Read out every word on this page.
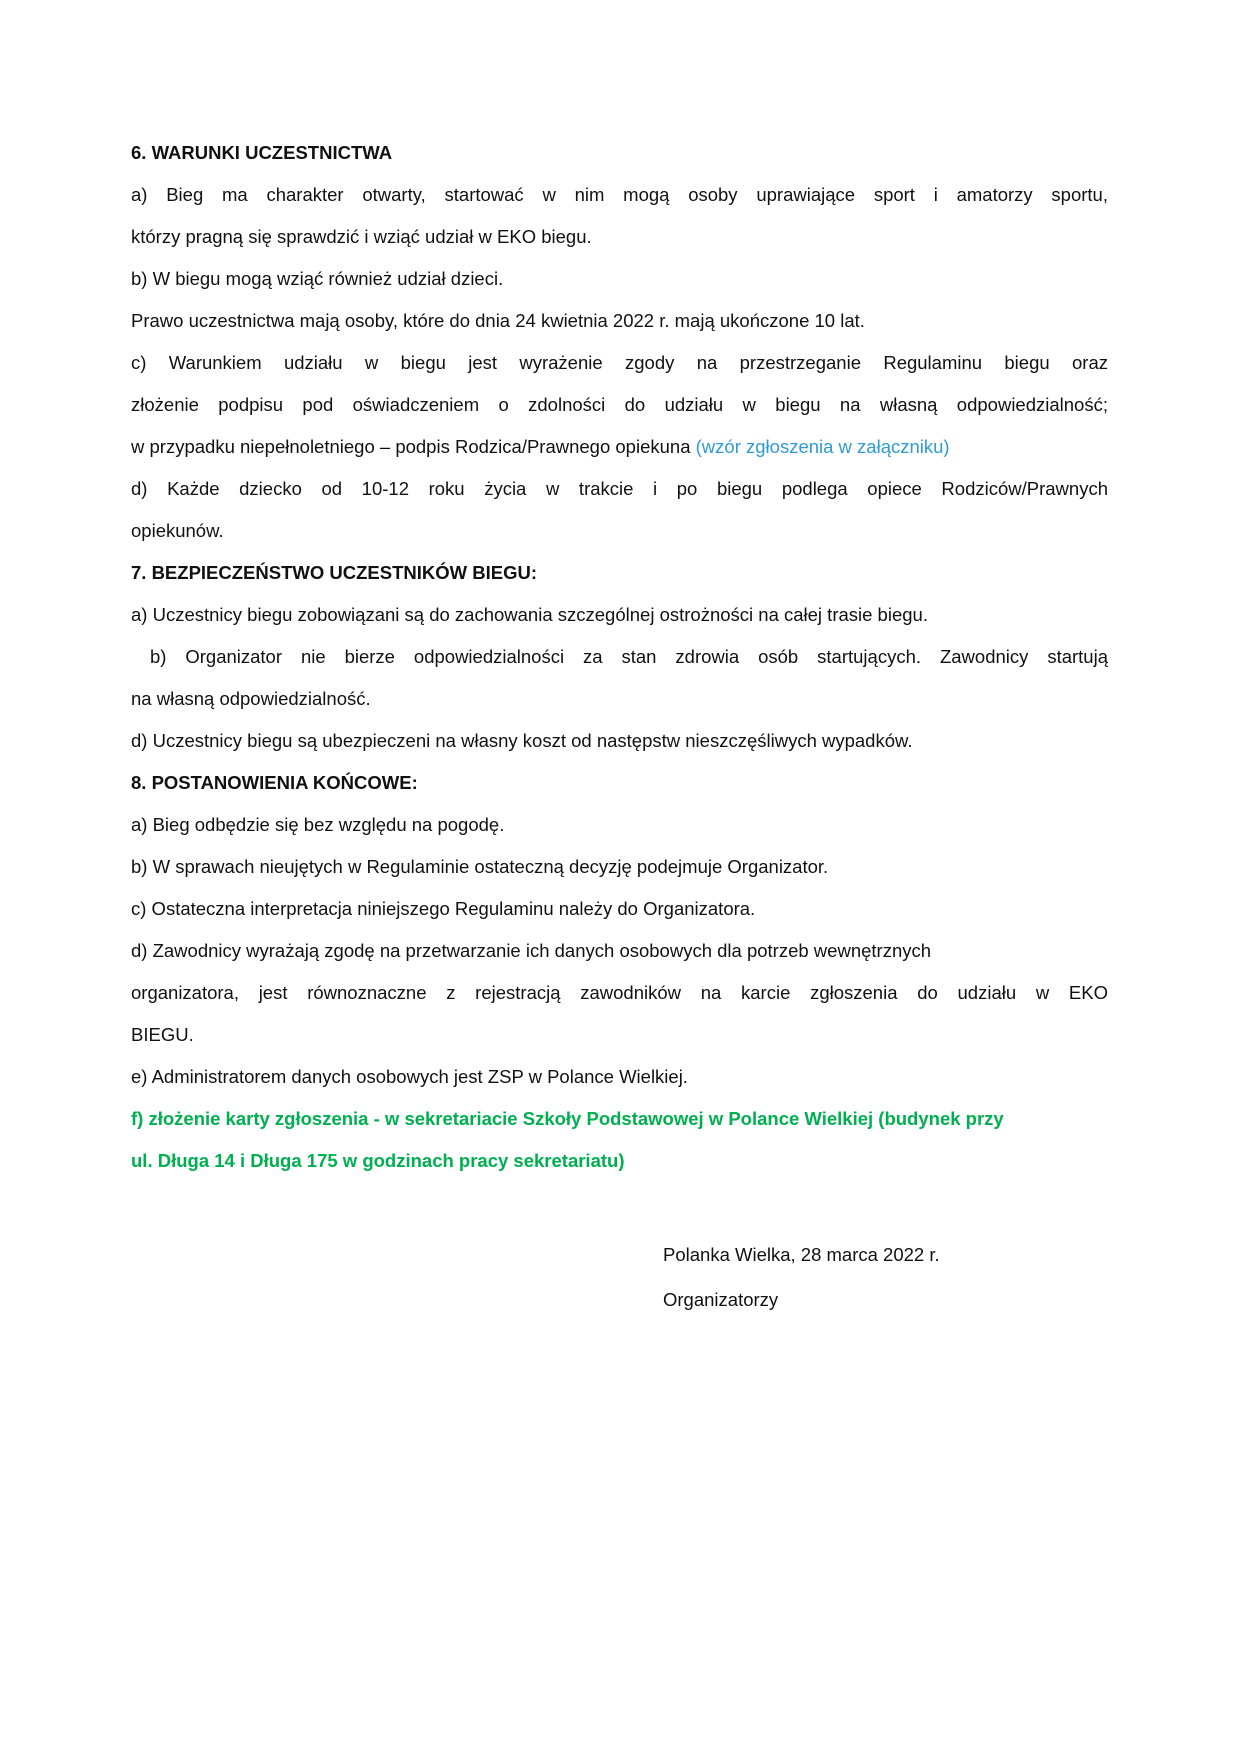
6. WARUNKI UCZESTNICTWA
a) Bieg ma charakter otwarty, startować w nim mogą osoby uprawiające sport i amatorzy sportu,
którzy pragną się sprawdzić i wziąć udział w EKO biegu.
b) W biegu mogą wziąć również udział dzieci.
Prawo uczestnictwa mają osoby, które do dnia 24 kwietnia 2022 r. mają ukończone 10 lat.
c) Warunkiem udziału w biegu jest wyrażenie zgody na przestrzeganie Regulaminu biegu oraz
złożenie podpisu pod oświadczeniem o zdolności do udziału w biegu na własną odpowiedzialność;
w przypadku niepełnoletniego – podpis Rodzica/Prawnego opiekuna (wzór zgłoszenia w załączniku)
d) Każde dziecko od 10-12 roku życia w trakcie i po biegu podlega opiece Rodziców/Prawnych
opiekunów.
7. BEZPIECZEŃSTWO UCZESTNIKÓW BIEGU:
a) Uczestnicy biegu zobowiązani są do zachowania szczególnej ostrożności na całej trasie biegu.
b) Organizator nie bierze odpowiedzialności za stan zdrowia osób startujących. Zawodnicy startują
na własną odpowiedzialność.
d) Uczestnicy biegu są ubezpieczeni na własny koszt od następstw nieszczęśliwych wypadków.
8. POSTANOWIENIA KOŃCOWE:
a) Bieg odbędzie się bez względu na pogodę.
b) W sprawach nieujętych w Regulaminie ostateczną decyzję podejmuje Organizator.
c) Ostateczna interpretacja niniejszego Regulaminu należy do Organizatora.
d) Zawodnicy wyrażają zgodę na przetwarzanie ich danych osobowych dla potrzeb wewnętrznych
organizatora, jest równoznaczne z rejestracją zawodników na karcie zgłoszenia do udziału w EKO
BIEGU.
e) Administratorem danych osobowych jest ZSP w Polance Wielkiej.
f) złożenie karty zgłoszenia - w sekretariacie Szkoły Podstawowej w Polance Wielkiej (budynek przy
ul. Długa 14 i Długa 175 w godzinach pracy sekretariatu)
Polanka Wielka, 28 marca 2022 r.
Organizatorzy
